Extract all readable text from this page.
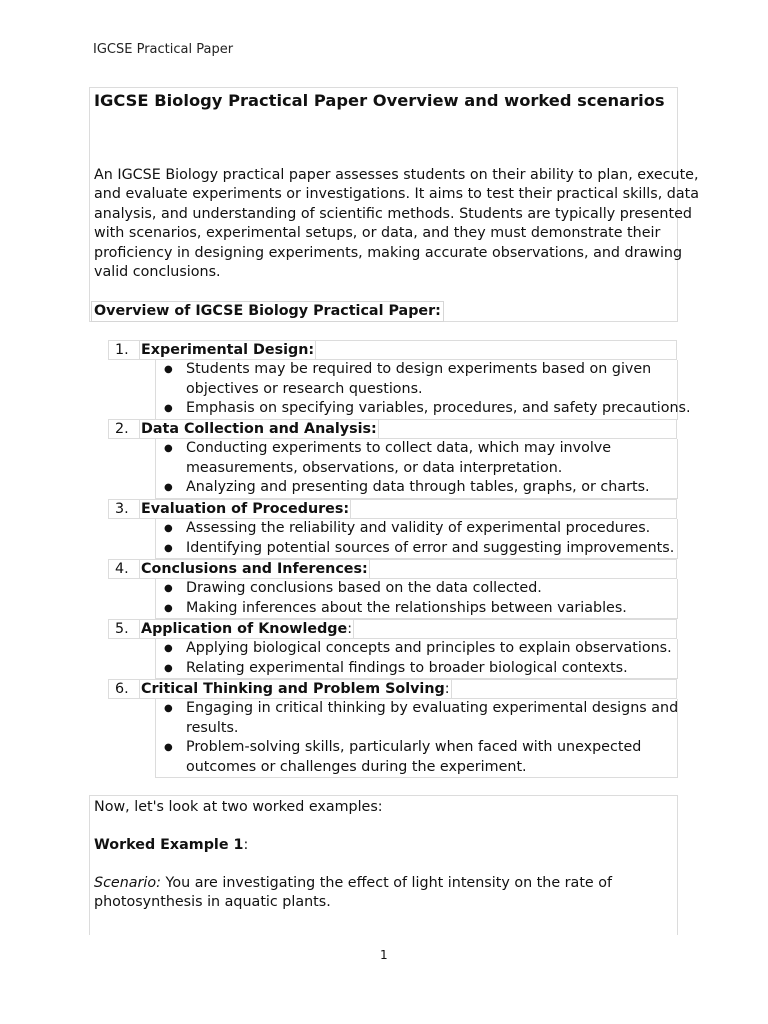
IGCSE Practical Paper
IGCSE Biology Practical Paper Overview and worked scenarios
An IGCSE Biology practical paper assesses students on their ability to plan, execute,
and evaluate experiments or investigations. It aims to test their practical skills, data
analysis, and understanding of scientific methods. Students are typically presented
with scenarios, experimental setups, or data, and they must demonstrate their
proficiency in designing experiments, making accurate observations, and drawing
valid conclusions.
Overview of IGCSE Biology Practical Paper:
1. Experimental Design:
● Students may be required to design experiments based on given
objectives or research questions.
● Emphasis on specifying variables, procedures, and safety precautions.
2. Data Collection and Analysis:
● Conducting experiments to collect data, which may involve
measurements, observations, or data interpretation.
● Analyzing and presenting data through tables, graphs, or charts.
3. Evaluation of Procedures:
● Assessing the reliability and validity of experimental procedures.
● Identifying potential sources of error and suggesting improvements.
4. Conclusions and Inferences:
● Drawing conclusions based on the data collected.
● Making inferences about the relationships between variables.
5. Application of Knowledge:
● Applying biological concepts and principles to explain observations.
● Relating experimental findings to broader biological contexts.
6. Critical Thinking and Problem Solving:
● Engaging in critical thinking by evaluating experimental designs and
results.
● Problem-solving skills, particularly when faced with unexpected
outcomes or challenges during the experiment.
Now, let's look at two worked examples:
Worked Example 1:
Scenario: You are investigating the effect of light intensity on the rate of
photosynthesis in aquatic plants.
1
